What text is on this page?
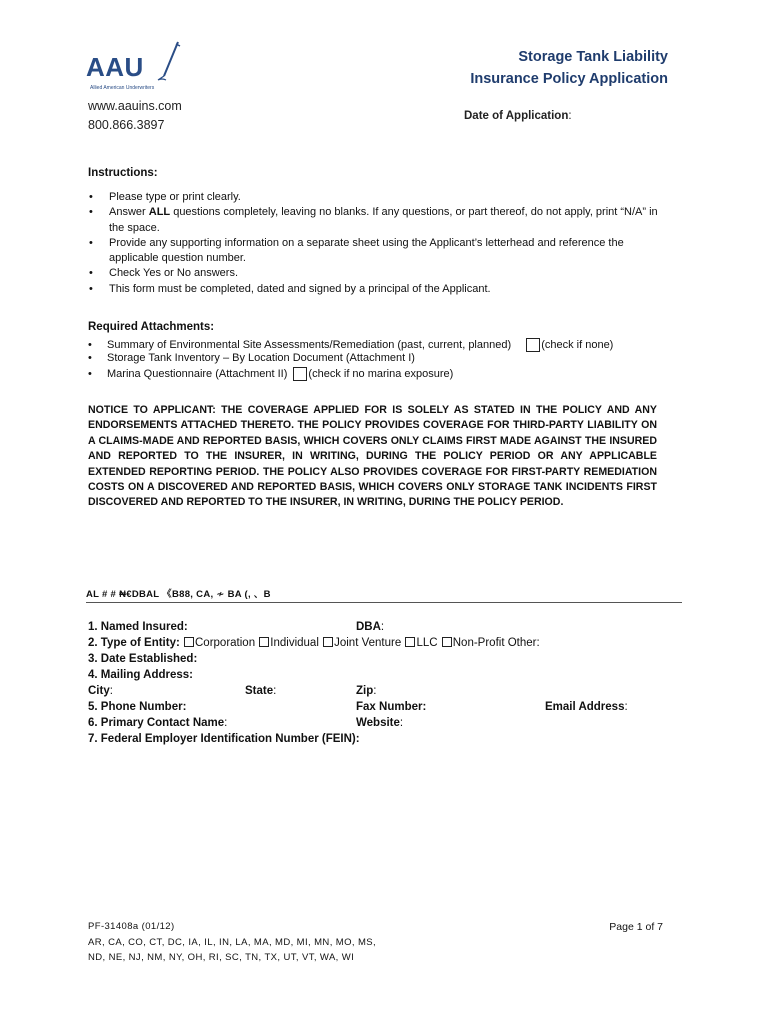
AAU
Allied American Underwriters
Storage Tank Liability
Insurance Policy Application
www.aauins.com
800.866.3897
Date of Application:
Instructions:
• Please type or print clearly.
• Answer ALL questions completely, leaving no blanks. If any questions, or part thereof, do not apply, print “N/A” in the space.
• Provide any supporting information on a separate sheet using the Applicant’s letterhead and reference the applicable question number.
• Check Yes or No answers.
• This form must be completed, dated and signed by a principal of the Applicant.
Required Attachments:
• Summary of Environmental Site Assessments/Remediation (past, current, planned)	(check if none)
• Storage Tank Inventory – By Location Document (Attachment I)
• Marina Questionnaire (Attachment II) (check if no marina exposure)
NOTICE TO APPLICANT: THE COVERAGE APPLIED FOR IS SOLELY AS STATED IN THE POLICY AND ANY ENDORSEMENTS ATTACHED THERETO. THE POLICY PROVIDES COVERAGE FOR THIRD-PARTY LIABILITY ON A CLAIMS-MADE AND REPORTED BASIS, WHICH COVERS ONLY CLAIMS FIRST MADE AGAINST THE INSURED AND REPORTED TO THE INSURER, IN WRITING, DURING THE POLICY PERIOD OR ANY APPLICABLE EXTENDED REPORTING PERIOD. THE POLICY ALSO PROVIDES COVERAGE FOR FIRST-PARTY REMEDIATION COSTS ON A DISCOVERED AND REPORTED BASIS, WHICH COVERS ONLY STORAGE TANK INCIDENTS FIRST DISCOVERED AND REPORTED TO THE INSURER, IN WRITING, DURING THE POLICY PERIOD.
AL # # ₦€DBAL 《B88, CA, ≁ BA (, 、B
1. Named Insured:	DBA:
2. Type of Entity: Corporation Individual Joint Venture LLC Non-Profit Other:
3. Date Established:
4. Mailing Address:
City:	State:	Zip:
5. Phone Number:	Fax Number:	Email Address:
6. Primary Contact Name:	Website:
7. Federal Employer Identification Number (FEIN):
PF-31408a (01/12)
AR, CA, CO, CT, DC, IA, IL, IN, LA, MA, MD, MI, MN, MO, MS,
ND, NE, NJ, NM, NY, OH, RI, SC, TN, TX, UT, VT, WA, WI
Page 1 of 7
